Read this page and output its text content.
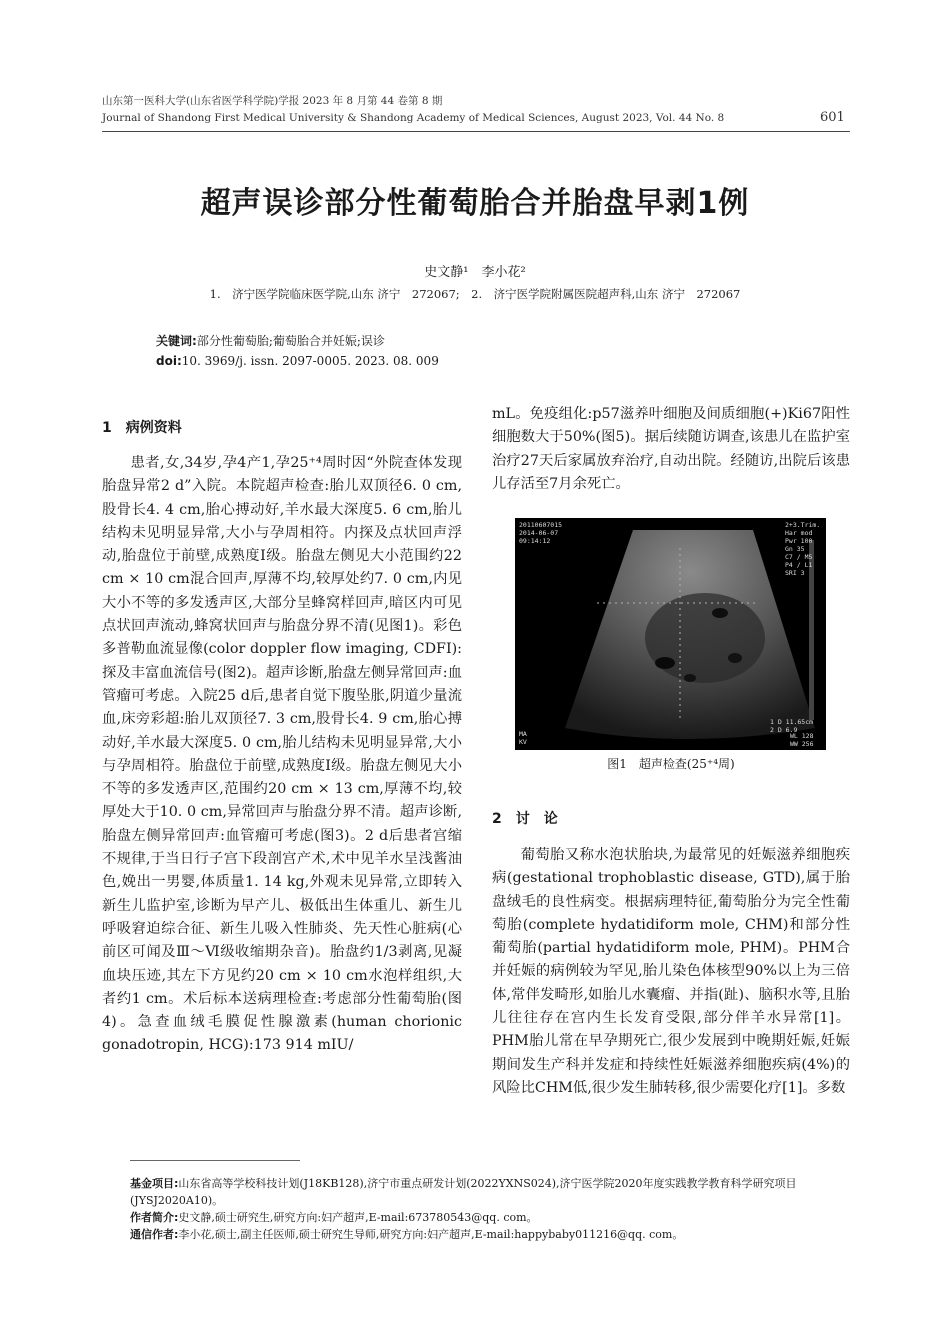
山东第一医科大学(山东省医学科学院)学报 2023 年 8 月第 44 卷第 8 期
Journal of Shandong First Medical University & Shandong Academy of Medical Sciences, August 2023, Vol. 44 No. 8	601
超声误诊部分性葡萄胎合并胎盘早剥1例
史文静¹　李小花²
1.　济宁医学院临床医学院,山东 济宁　272067;　2.　济宁医学院附属医院超声科,山东 济宁　272067
关键词:部分性葡萄胎;葡萄胎合并妊娠;误诊
doi:10. 3969/j. issn. 2097-0005. 2023. 08. 009
1　病例资料

患者,女,34岁,孕4产1,孕25⁺⁴周时因“外院查体发现胎盘异常2 d”入院。本院超声检查:胎儿双顶径6. 0 cm,股骨长4. 4 cm,胎心搏动好,羊水最大深度5. 6 cm,胎儿结构未见明显异常,大小与孕周相符。内探及点状回声浮动,胎盘位于前壁,成熟度Ⅰ级。胎盘左侧见大小范围约22 cm × 10 cm混合回声,厚薄不均,较厚处约7. 0 cm,内见大小不等的多发透声区,大部分呈蜂窝样回声,暗区内可见点状回声流动,蜂窝状回声与胎盘分界不清(见图1)。彩色多普勒血流显像(color doppler flow imaging, CDFI):探及丰富血流信号(图2)。超声诊断,胎盘左侧异常回声:血管瘤可考虑。入院25 d后,患者自觉下腹坠胀,阴道少量流血,床旁彩超:胎儿双顶径7. 3 cm,股骨长4. 9 cm,胎心搏动好,羊水最大深度5. 0 cm,胎儿结构未见明显异常,大小与孕周相符。胎盘位于前壁,成熟度Ⅰ级。胎盘左侧见大小不等的多发透声区,范围约20 cm × 13 cm,厚薄不均,较厚处大于10. 0 cm,异常回声与胎盘分界不清。超声诊断,胎盘左侧异常回声:血管瘤可考虑(图3)。2 d后患者宫缩不规律,于当日行子宫下段剖宫产术,术中见羊水呈浅酱油色,娩出一男婴,体质量1. 14 kg,外观未见异常,立即转入新生儿监护室,诊断为早产儿、极低出生体重儿、新生儿呼吸窘迫综合征、新生儿吸入性肺炎、先天性心脏病(心前区可闻及Ⅲ～Ⅵ级收缩期杂音)。胎盘约1/3剥离,见凝血块压迹,其左下方见约20 cm × 10 cm水泡样组织,大者约1 cm。术后标本送病理检查:考虑部分性葡萄胎(图4)。急查血绒毛膜促性腺激素(human chorionic gonadotropin, HCG):173 914 mIU/

mL。免疫组化:p57滋养叶细胞及间质细胞(+)Ki67阳性细胞数大于50%(图5)。据后续随访调查,该患儿在监护室治疗27天后家属放弃治疗,自动出院。经随访,出院后该患儿存活至7月余死亡。

20110607015
2014-06-07
09:14:12
2+3.Trim.
Har mod
Pwr 100
Gn 35
C7 / M5
P4 / L1
SRI 3
MA
KV
1 D 11.65cm
2 D 6.9
WL 128
WW 256
图1　超声检查(25⁺⁴周)
2　讨　论

葡萄胎又称水泡状胎块,为最常见的妊娠滋养细胞疾病(gestational trophoblastic disease, GTD),属于胎盘绒毛的良性病变。根据病理特征,葡萄胎分为完全性葡萄胎(complete hydatidiform mole, CHM)和部分性葡萄胎(partial hydatidiform mole, PHM)。PHM合并妊娠的病例较为罕见,胎儿染色体核型90%以上为三倍体,常伴发畸形,如胎儿水囊瘤、并指(趾)、脑积水等,且胎儿往往存在宫内生长发育受限,部分伴羊水异常[1]。PHM胎儿常在早孕期死亡,很少发展到中晚期妊娠,妊娠期间发生产科并发症和持续性妊娠滋养细胞疾病(4%)的风险比CHM低,很少发生肺转移,很少需要化疗[1]。多数

基金项目:山东省高等学校科技计划(J18KB128),济宁市重点研发计划(2022YXNS024),济宁医学院2020年度实践教学教育科学研究项目(JYSJ2020A10)。
作者简介:史文静,硕士研究生,研究方向:妇产超声,E-mail:673780543@qq. com。
通信作者:李小花,硕士,副主任医师,硕士研究生导师,研究方向:妇产超声,E-mail:happybaby011216@qq. com。
